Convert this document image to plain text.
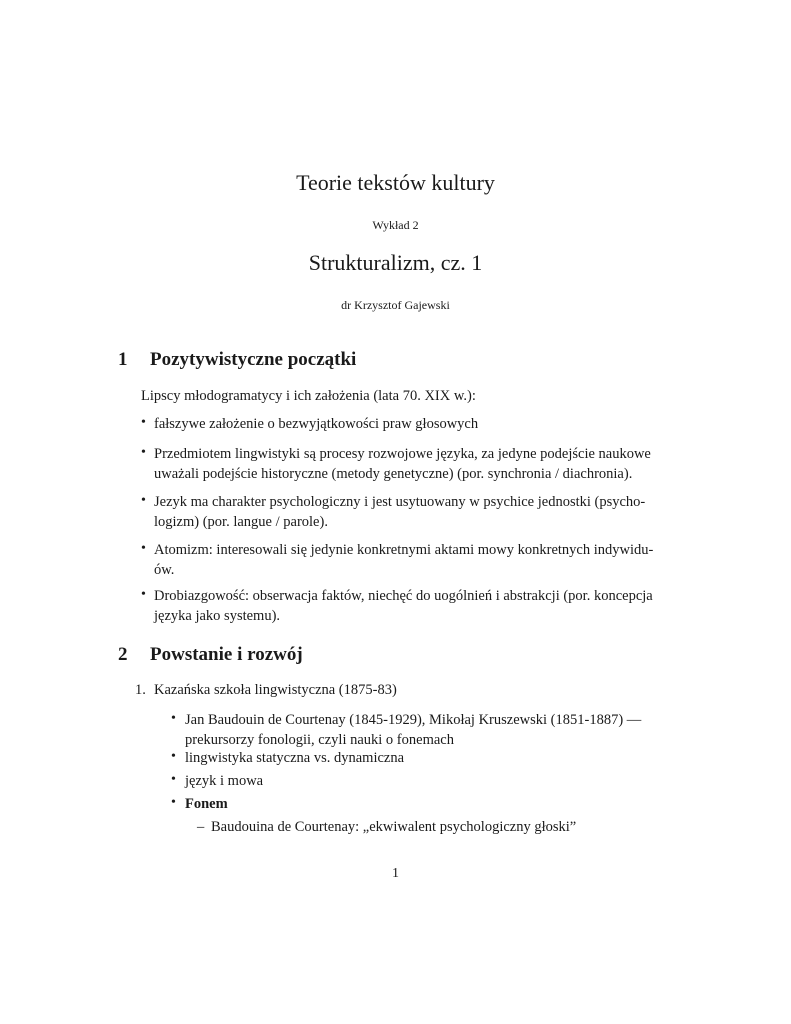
Teorie tekstów kultury
Wykład 2
Strukturalizm, cz. 1
dr Krzysztof Gajewski
1 Pozytywistyczne początki
Lipscy młodogramatycy i ich założenia (lata 70. XIX w.):
• fałszywe założenie o bezwyjątkowości praw głosowych
• Przedmiotem lingwistyki są procesy rozwojowe języka, za jedyne podejście naukowe
uważali podejście historyczne (metody genetyczne) (por. synchronia / diachronia).
• Jezyk ma charakter psychologiczny i jest usytuowany w psychice jednostki (psycho-
logizm) (por. langue / parole).
• Atomizm: interesowali się jedynie konkretnymi aktami mowy konkretnych indywidu-
ów.
• Drobiazgowość: obserwacja faktów, niechęć do uogólnień i abstrakcji (por. koncepcja
języka jako systemu).
2 Powstanie i rozwój
1. Kazańska szkoła lingwistyczna (1875-83)
• Jan Baudouin de Courtenay (1845-1929), Mikołaj Kruszewski (1851-1887) —
prekursorzy fonologii, czyli nauki o fonemach
• lingwistyka statyczna vs. dynamiczna
• język i mowa
• Fonem
– Baudouina de Courtenay: „ekwiwalent psychologiczny głoski”
1
